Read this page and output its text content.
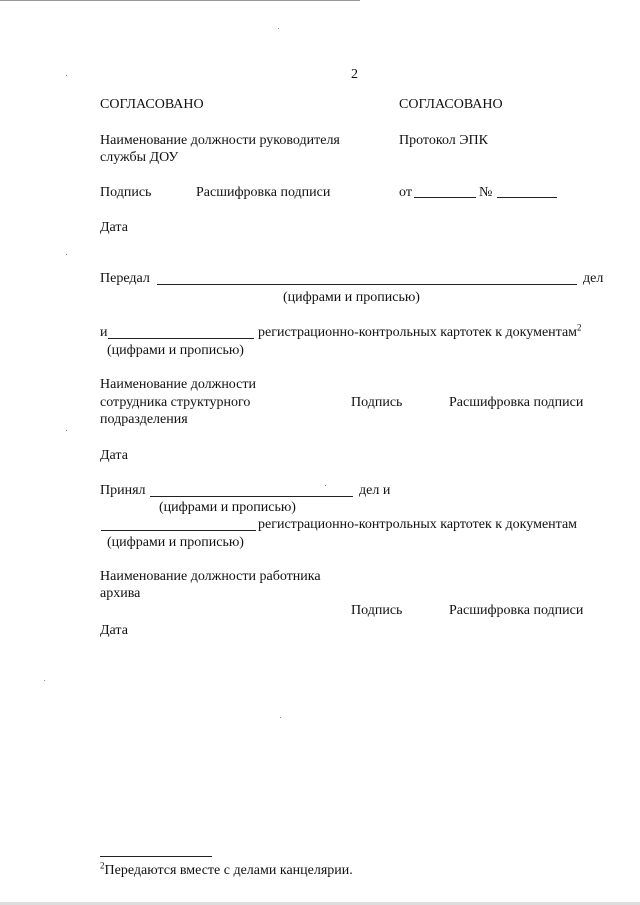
2
СОГЛАСОВАНО
Наименование должности руководителя
службы ДОУ
Подпись	Расшифровка подписи
Дата
СОГЛАСОВАНО
Протокол ЭПК
от	№
Передал	дел
(цифрами и прописью)
и	регистрационно-контрольных картотек к документам$^2$
(цифрами и прописью)
Наименование должности
сотрудника структурного
подразделения
Подпись	Расшифровка подписи
Дата
Принял	дел и
(цифрами и прописью)
регистрационно-контрольных картотек к документам
(цифрами и прописью)
Наименование должности работника
архива
Подпись	Расшифровка подписи
Дата
$^2$Передаются вместе с делами канцелярии.
